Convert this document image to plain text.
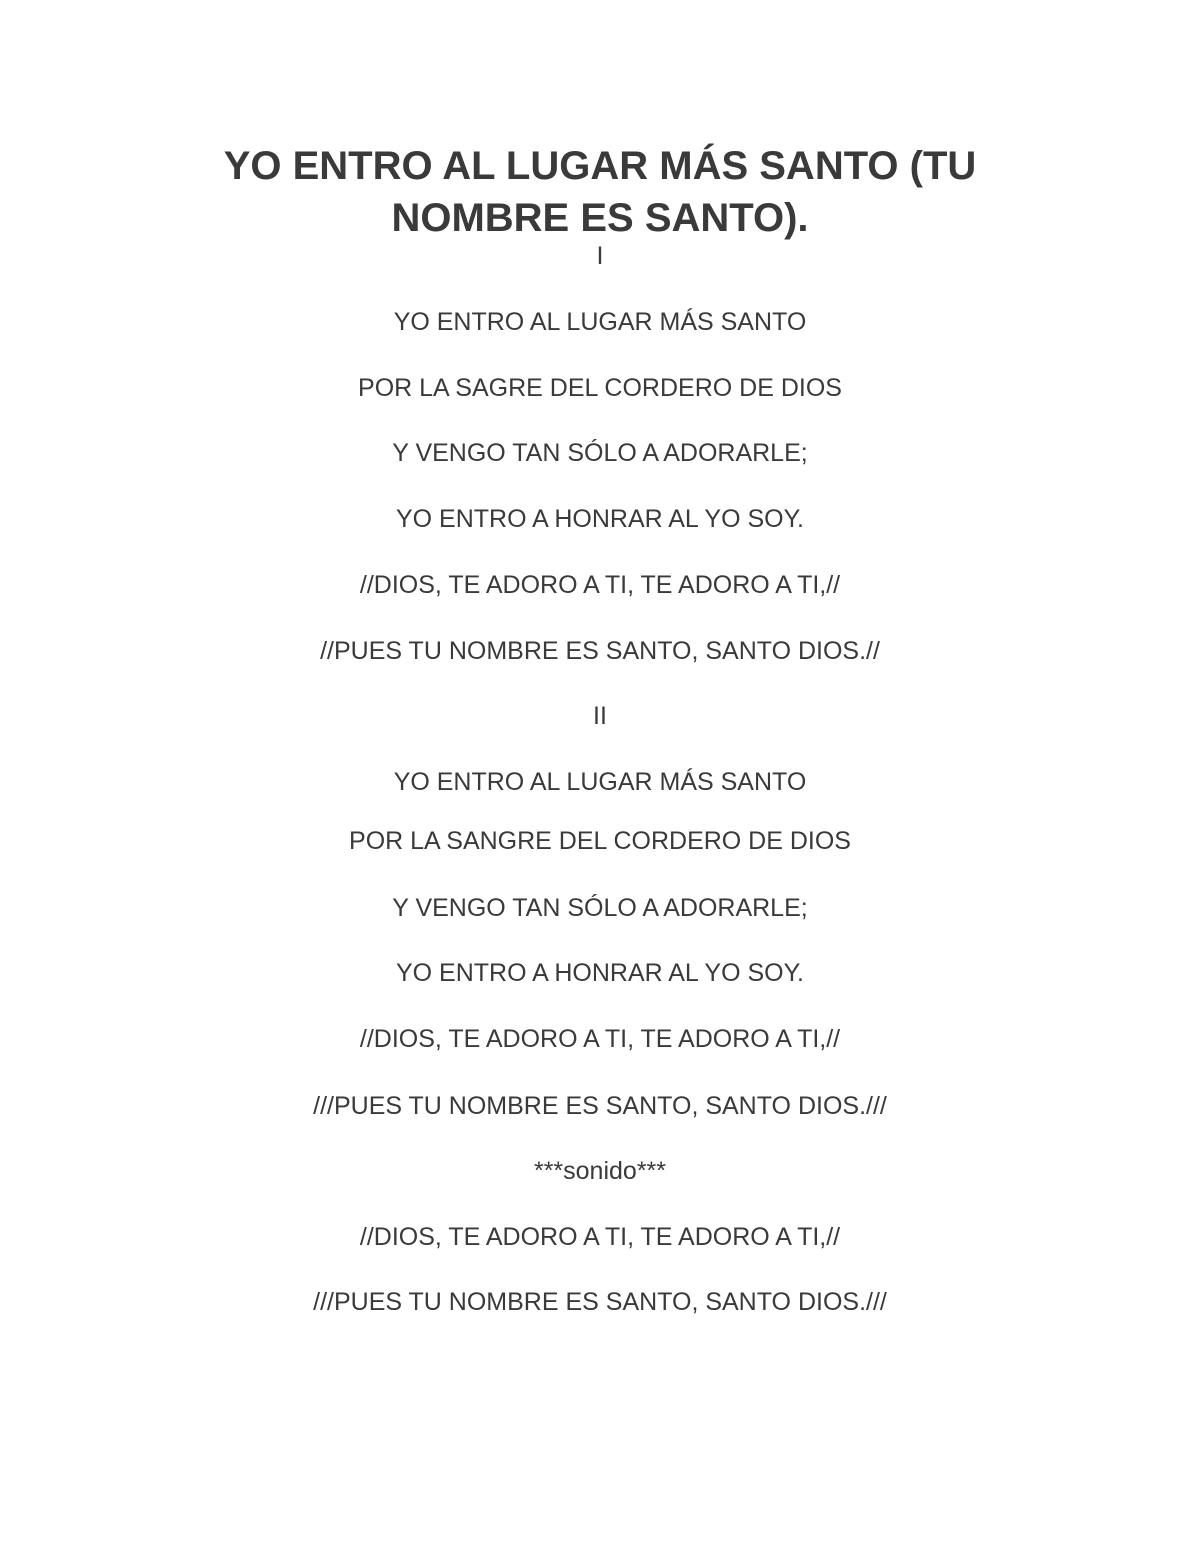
YO ENTRO AL LUGAR MÁS SANTO (TU NOMBRE ES SANTO).
I
YO ENTRO AL LUGAR MÁS SANTO
POR LA SAGRE DEL CORDERO DE DIOS
Y VENGO TAN SÓLO A ADORARLE;
YO ENTRO A HONRAR AL YO SOY.
//DIOS, TE ADORO A TI, TE ADORO A TI,//
//PUES TU NOMBRE ES SANTO, SANTO DIOS.//
II
YO ENTRO AL LUGAR MÁS SANTO
POR LA SANGRE DEL CORDERO DE DIOS
Y VENGO TAN SÓLO A ADORARLE;
YO ENTRO A HONRAR AL YO SOY.
//DIOS, TE ADORO A TI, TE ADORO A TI,//
///PUES TU NOMBRE ES SANTO, SANTO DIOS.///
***sonido***
//DIOS, TE ADORO A TI, TE ADORO A TI,//
///PUES TU NOMBRE ES SANTO, SANTO DIOS.///
